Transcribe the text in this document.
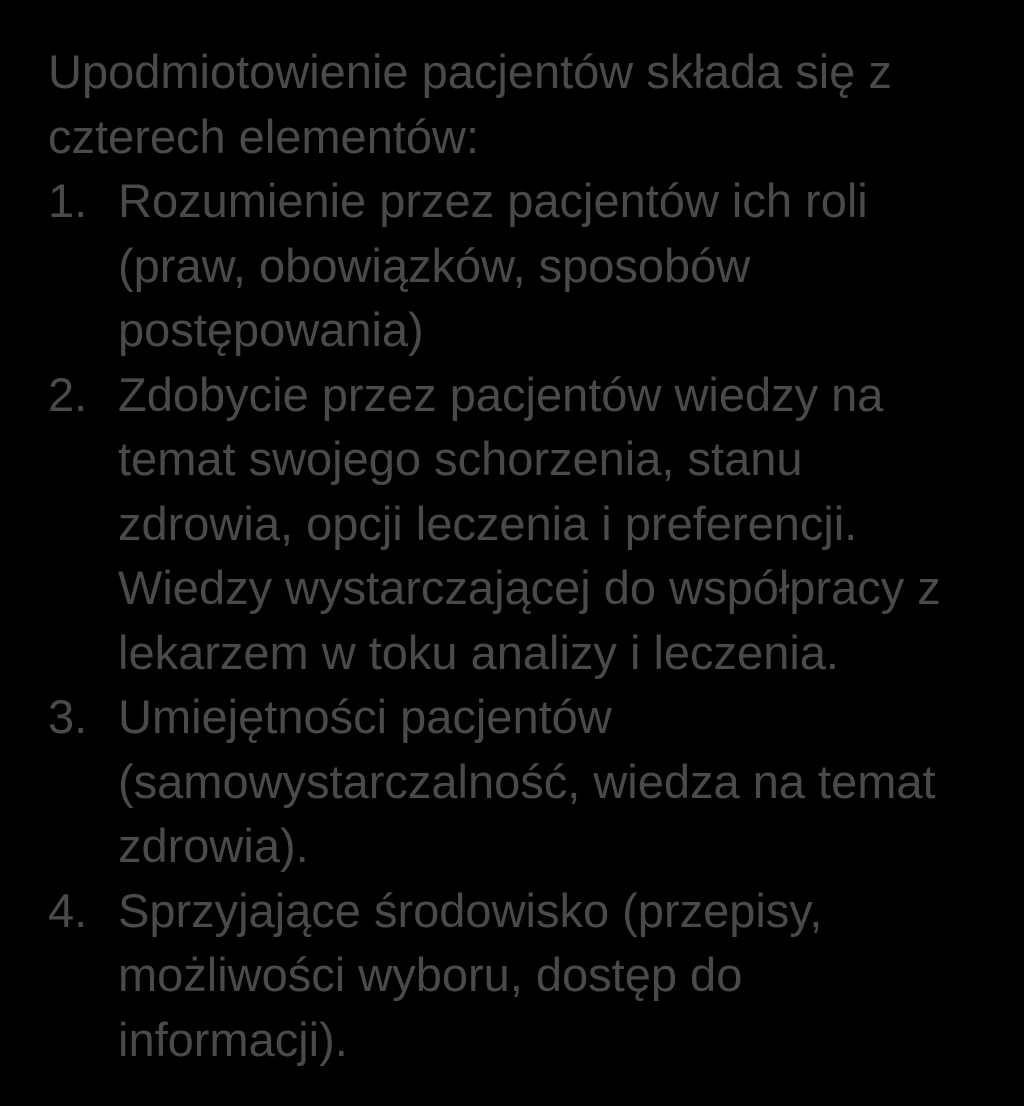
Upodmiotowienie pacjentów składa się z czterech elementów:

1. Rozumienie przez pacjentów ich roli (praw, obowiązków, sposobów postępowania)
2. Zdobycie przez pacjentów wiedzy na temat swojego schorzenia, stanu zdrowia, opcji leczenia i preferencji. Wiedzy wystarczającej do współpracy z lekarzem w toku analizy i leczenia.
3. Umiejętności pacjentów (samowystarczalność, wiedza na temat zdrowia).
4. Sprzyjające środowisko (przepisy, możliwości wyboru, dostęp do informacji).
